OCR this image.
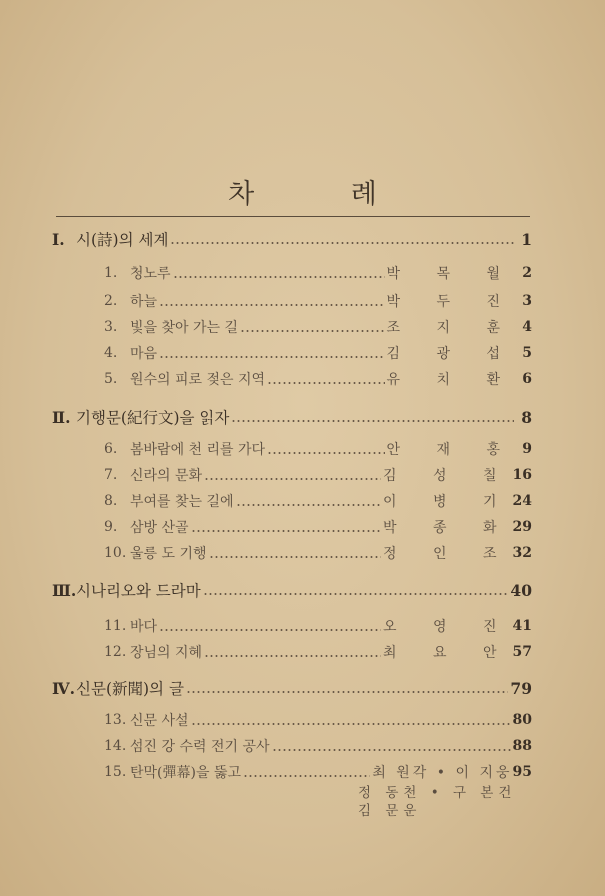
차 례
Ⅰ. 시(詩)의 세계	1
1. 청노루	박 목 월 2
2. 하늘	박 두 진 3
3. 빛을 찾아 가는 길	조 지 훈 4
4. 마음	김 광 섭 5
5. 원수의 피로 젖은 지역	유 치 환 6
Ⅱ. 기행문(紀行文)을 읽자	8
6. 봄바람에 천 리를 가다	안 재 홍 9
7. 신라의 문화	김 성 칠 16
8. 부여를 찾는 길에	이 병 기 24
9. 삼방 산골	박 종 화 29
10. 울릉 도 기행	정 인 조 32
Ⅲ. 시나리오와 드라마	40
11. 바다	오 영 진 41
12. 장님의 지혜	최 요 안 57
Ⅳ. 신문(新聞)의 글	79
13. 신문 사설	80
14. 섬진 강 수력 전기 공사	88
15. 탄막(彈幕)을 뚫고	최 원각 • 이 지웅 95
정 동천 • 구 본건
김 문운
